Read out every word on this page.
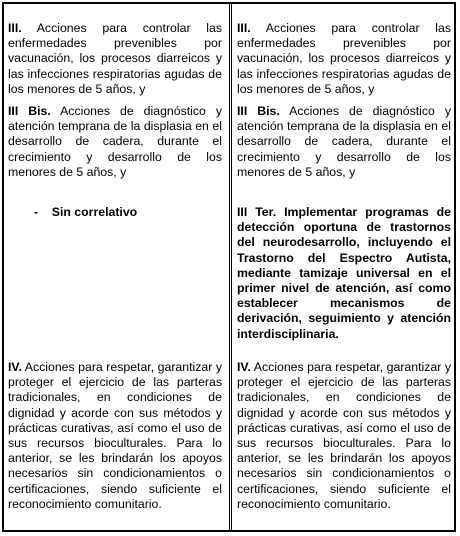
III. Acciones para controlar las enfermedades prevenibles por vacunación, los procesos diarreicos y las infecciones respiratorias agudas de los menores de 5 años, y

III Bis. Acciones de diagnóstico y atención temprana de la displasia en el desarrollo de cadera, durante el crecimiento y desarrollo de los menores de 5 años, y

-    Sin correlativo

IV. Acciones para respetar, garantizar y proteger el ejercicio de las parteras tradicionales, en condiciones de dignidad y acorde con sus métodos y prácticas curativas, así como el uso de sus recursos bioculturales. Para lo anterior, se les brindarán los apoyos necesarios sin condicionamientos o certificaciones, siendo suficiente el reconocimiento comunitario.

III. Acciones para controlar las enfermedades prevenibles por vacunación, los procesos diarreicos y las infecciones respiratorias agudas de los menores de 5 años, y

III Bis. Acciones de diagnóstico y atención temprana de la displasia en el desarrollo de cadera, durante el crecimiento y desarrollo de los menores de 5 años, y

III Ter. Implementar programas de detección oportuna de trastornos del neurodesarrollo, incluyendo el Trastorno del Espectro Autista, mediante tamizaje universal en el primer nivel de atención, así como establecer mecanismos de derivación, seguimiento y atención interdisciplinaria.

IV. Acciones para respetar, garantizar y proteger el ejercicio de las parteras tradicionales, en condiciones de dignidad y acorde con sus métodos y prácticas curativas, así como el uso de sus recursos bioculturales. Para lo anterior, se les brindarán los apoyos necesarios sin condicionamientos o certificaciones, siendo suficiente el reconocimiento comunitario.
